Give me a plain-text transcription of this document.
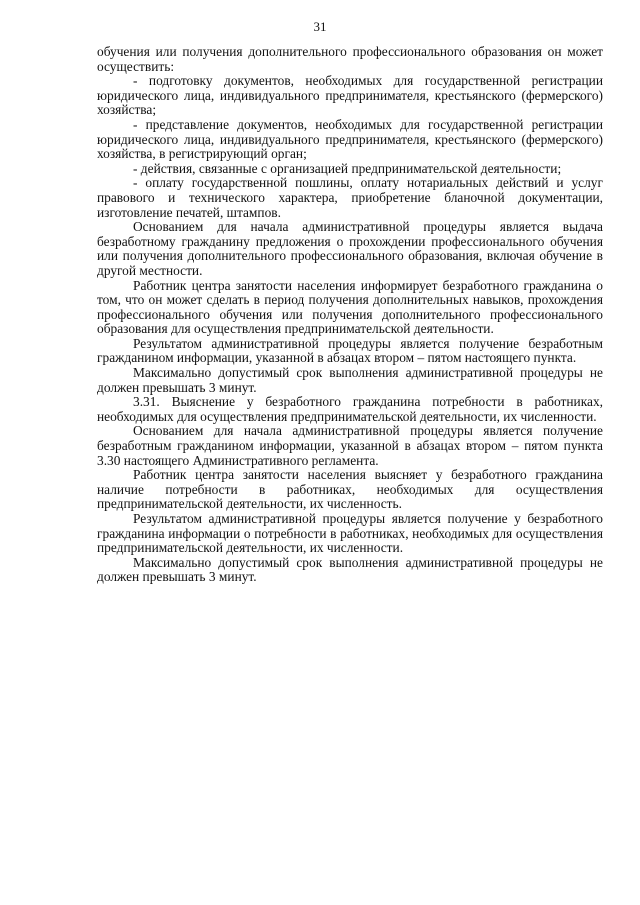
31

обучения или получения дополнительного профессионального образования он может осуществить:

- подготовку документов, необходимых для государственной регистрации юридического лица, индивидуального предпринимателя, крестьянского (фермерского) хозяйства;

- представление документов, необходимых для государственной регистрации юридического лица, индивидуального предпринимателя, крестьянского (фермерского) хозяйства, в регистрирующий орган;

- действия, связанные с организацией предпринимательской деятельности;

- оплату государственной пошлины, оплату нотариальных действий и услуг правового и технического характера, приобретение бланочной документации, изготовление печатей, штампов.

Основанием для начала административной процедуры является выдача безработному гражданину предложения о прохождении профессионального обучения или получения дополнительного профессионального образования, включая обучение в другой местности.

Работник центра занятости населения информирует безработного гражданина о том, что он может сделать в период получения дополнительных навыков, прохождения профессионального обучения или получения дополнительного профессионального образования для осуществления предпринимательской деятельности.

Результатом административной процедуры является получение безработным гражданином информации, указанной в абзацах втором – пятом настоящего пункта.

Максимально допустимый срок выполнения административной процедуры не должен превышать 3 минут.

3.31. Выяснение у безработного гражданина потребности в работниках, необходимых для осуществления предпринимательской деятельности, их численности.

Основанием для начала административной процедуры является получение безработным гражданином информации, указанной в абзацах втором – пятом пункта 3.30 настоящего Административного регламента.

Работник центра занятости населения выясняет у безработного гражданина наличие потребности в работниках, необходимых для осуществления предпринимательской деятельности, их численность.

Результатом административной процедуры является получение у безработного гражданина информации о потребности в работниках, необходимых для осуществления предпринимательской деятельности, их численности.

Максимально допустимый срок выполнения административной процедуры не должен превышать 3 минут.
